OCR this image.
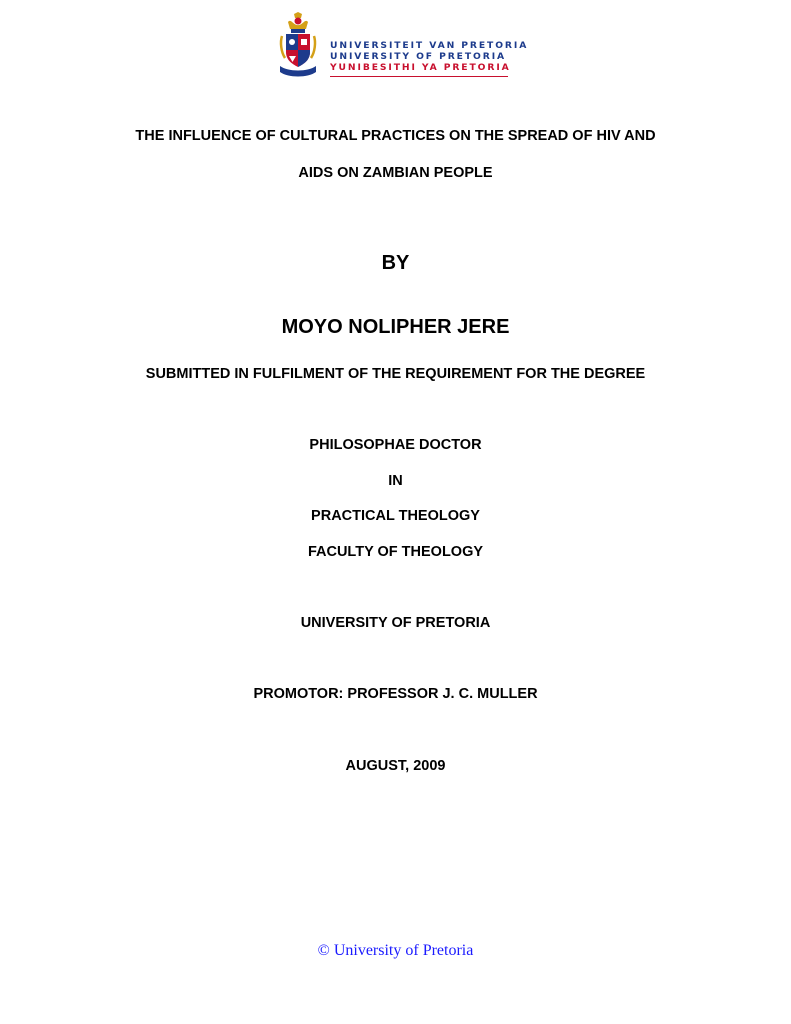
UNIVERSITEIT VAN PRETORIA
UNIVERSITY OF PRETORIA
YUNIBESITHI YA PRETORIA

THE INFLUENCE OF CULTURAL PRACTICES ON THE SPREAD OF HIV AND

AIDS ON ZAMBIAN PEOPLE

BY

MOYO NOLIPHER JERE

SUBMITTED IN FULFILMENT OF THE REQUIREMENT FOR THE DEGREE

PHILOSOPHAE DOCTOR

IN

PRACTICAL THEOLOGY

FACULTY OF THEOLOGY

UNIVERSITY OF PRETORIA

PROMOTOR: PROFESSOR J. C. MULLER

AUGUST, 2009

© University of Pretoria
